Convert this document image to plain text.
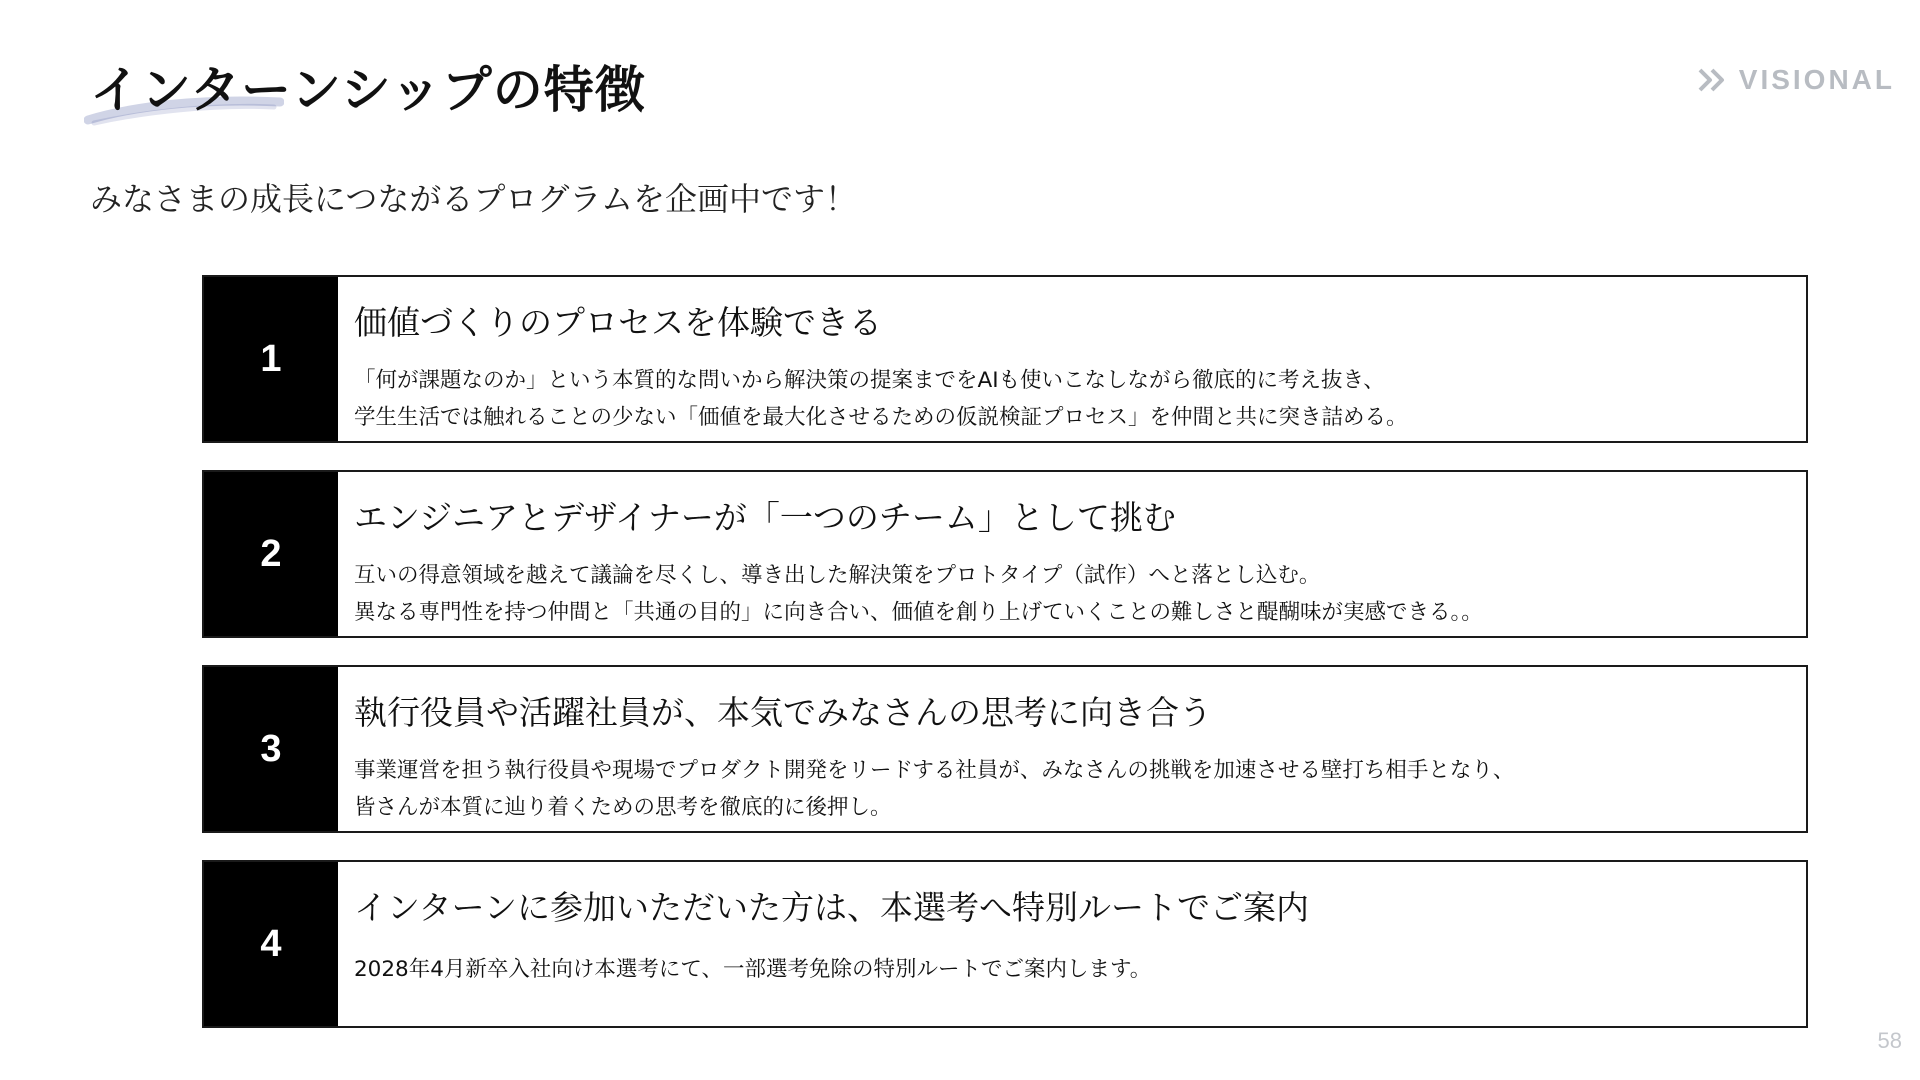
インターンシップの特徴	VISIONAL

みなさまの成長につながるプログラムを企画中です！

1
価値づくりのプロセスを体験できる

「何が課題なのか」という本質的な問いから解決策の提案までをAIも使いこなしながら徹底的に考え抜き、
学生生活では触れることの少ない「価値を最大化させるための仮説検証プロセス」を仲間と共に突き詰める。

2
エンジニアとデザイナーが「一つのチーム」として挑む

互いの得意領域を越えて議論を尽くし、導き出した解決策をプロトタイプ（試作）へと落とし込む。
異なる専門性を持つ仲間と「共通の目的」に向き合い、価値を創り上げていくことの難しさと醍醐味が実感できる。。

3
執行役員や活躍社員が、本気でみなさんの思考に向き合う

事業運営を担う執行役員や現場でプロダクト開発をリードする社員が、みなさんの挑戦を加速させる壁打ち相手となり、
皆さんが本質に辿り着くための思考を徹底的に後押し。

4
インターンに参加いただいた方は、本選考へ特別ルートでご案内

2028年4月新卒入社向け本選考にて、一部選考免除の特別ルートでご案内します。

58
